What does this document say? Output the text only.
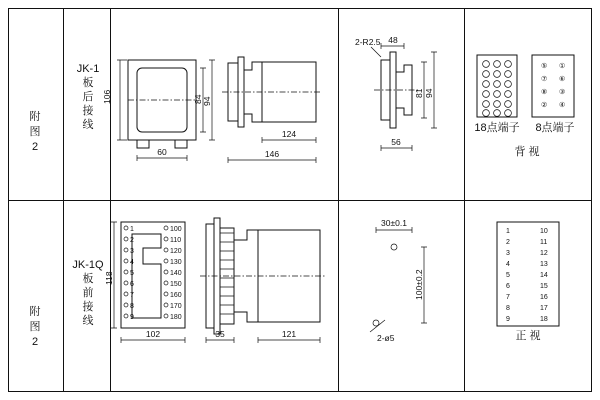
附
图
2
JK-1
板
后
接
线
106	84 94
60
124
146
48
2-R2.5
81 94
56
⑤ ①
⑦ ⑥
⑧ ③
② ④
18点端子	8点端子
背 视
附
图
2
JK-1Q
板
前
接
线
1
2
3
4
5
6
7
8
9
100
110
120
130
140
150
160
170
180
118
102	35	121
30±0.1
100±0.2
2-ø5
1	10
2	11
3	12
4	13
5	14
6	15
7	16
8	17
9	18
正 视
